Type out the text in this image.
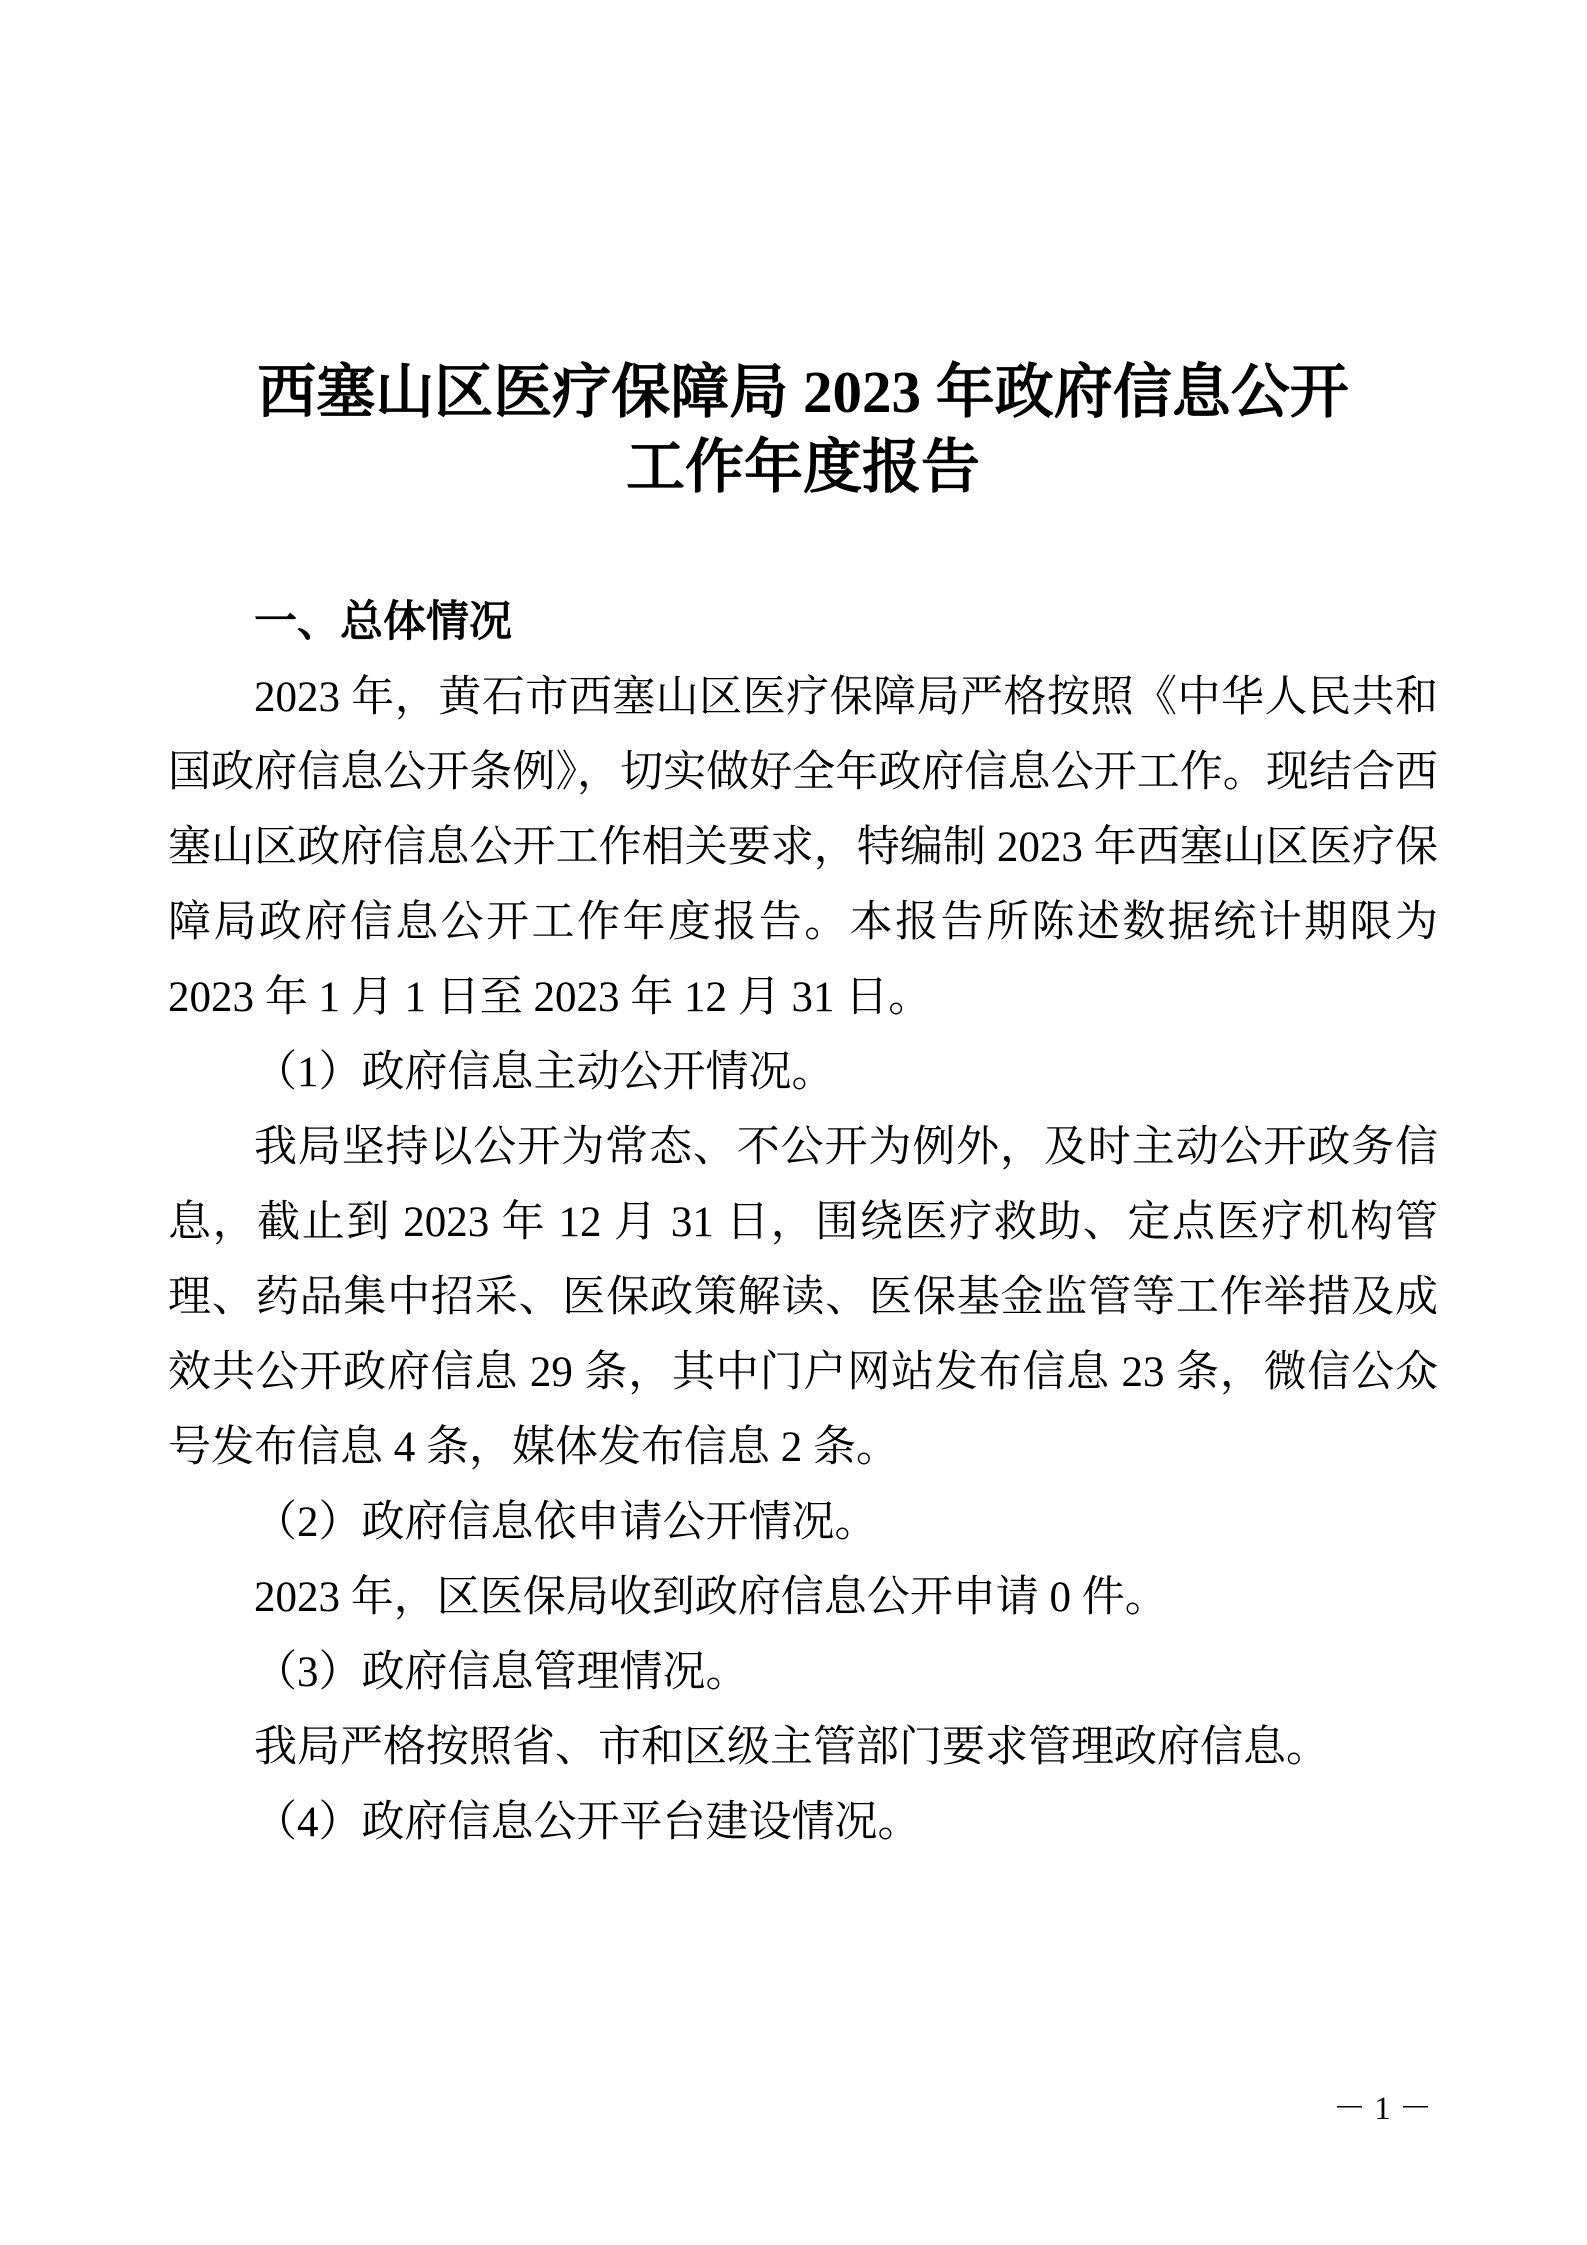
西塞山区医疗保障局 2023 年政府信息公开
工作年度报告
一、总体情况

2023 年，黄石市西塞山区医疗保障局严格按照《中华人民共和国政府信息公开条例》，切实做好全年政府信息公开工作。现结合西塞山区政府信息公开工作相关要求，特编制 2023 年西塞山区医疗保障局政府信息公开工作年度报告。本报告所陈述数据统计期限为 2023 年 1 月 1 日至 2023 年 12 月 31 日。

（1）政府信息主动公开情况。

我局坚持以公开为常态、不公开为例外，及时主动公开政务信息，截止到 2023 年 12 月 31 日，围绕医疗救助、定点医疗机构管理、药品集中招采、医保政策解读、医保基金监管等工作举措及成效共公开政府信息 29 条，其中门户网站发布信息 23 条，微信公众号发布信息 4 条，媒体发布信息 2 条。

（2）政府信息依申请公开情况。

2023 年，区医保局收到政府信息公开申请 0 件。

（3）政府信息管理情况。

我局严格按照省、市和区级主管部门要求管理政府信息。

（4）政府信息公开平台建设情况。

－ 1 －
